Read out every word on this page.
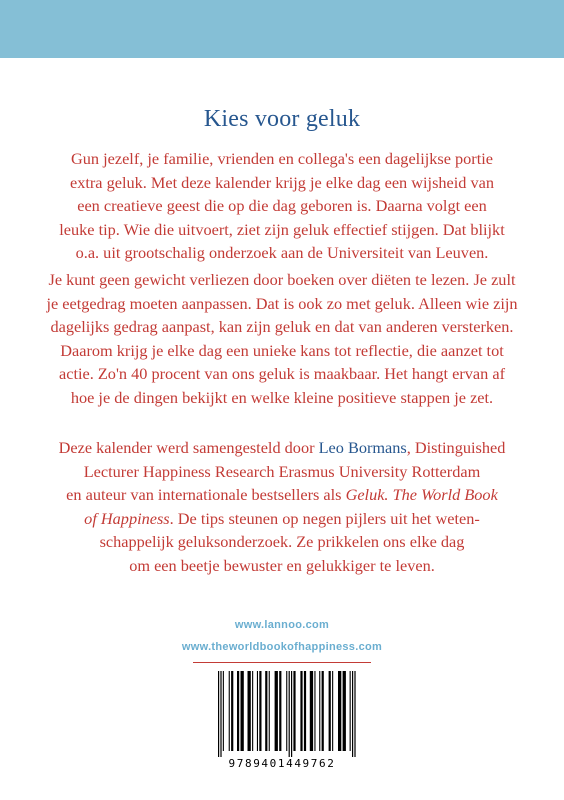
Kies voor geluk

Gun jezelf, je familie, vrienden en collega's een dagelijkse portie
extra geluk. Met deze kalender krijg je elke dag een wijsheid van
een creatieve geest die op die dag geboren is. Daarna volgt een
leuke tip. Wie die uitvoert, ziet zijn geluk effectief stijgen. Dat blijkt
o.a. uit grootschalig onderzoek aan de Universiteit van Leuven.

Je kunt geen gewicht verliezen door boeken over diëten te lezen. Je zult
je eetgedrag moeten aanpassen. Dat is ook zo met geluk. Alleen wie zijn
dagelijks gedrag aanpast, kan zijn geluk en dat van anderen versterken.
Daarom krijg je elke dag een unieke kans tot reflectie, die aanzet tot
actie. Zo'n 40 procent van ons geluk is maakbaar. Het hangt ervan af
hoe je de dingen bekijkt en welke kleine positieve stappen je zet.

Deze kalender werd samengesteld door Leo Bormans, Distinguished
Lecturer Happiness Research Erasmus University Rotterdam
en auteur van internationale bestsellers als Geluk. The World Book
of Happiness. De tips steunen op negen pijlers uit het weten-
schappelijk geluksonderzoek. Ze prikkelen ons elke dag
om een beetje bewuster en gelukkiger te leven.

www.lannoo.com
www.theworldbookofhappiness.com
9789401449762
